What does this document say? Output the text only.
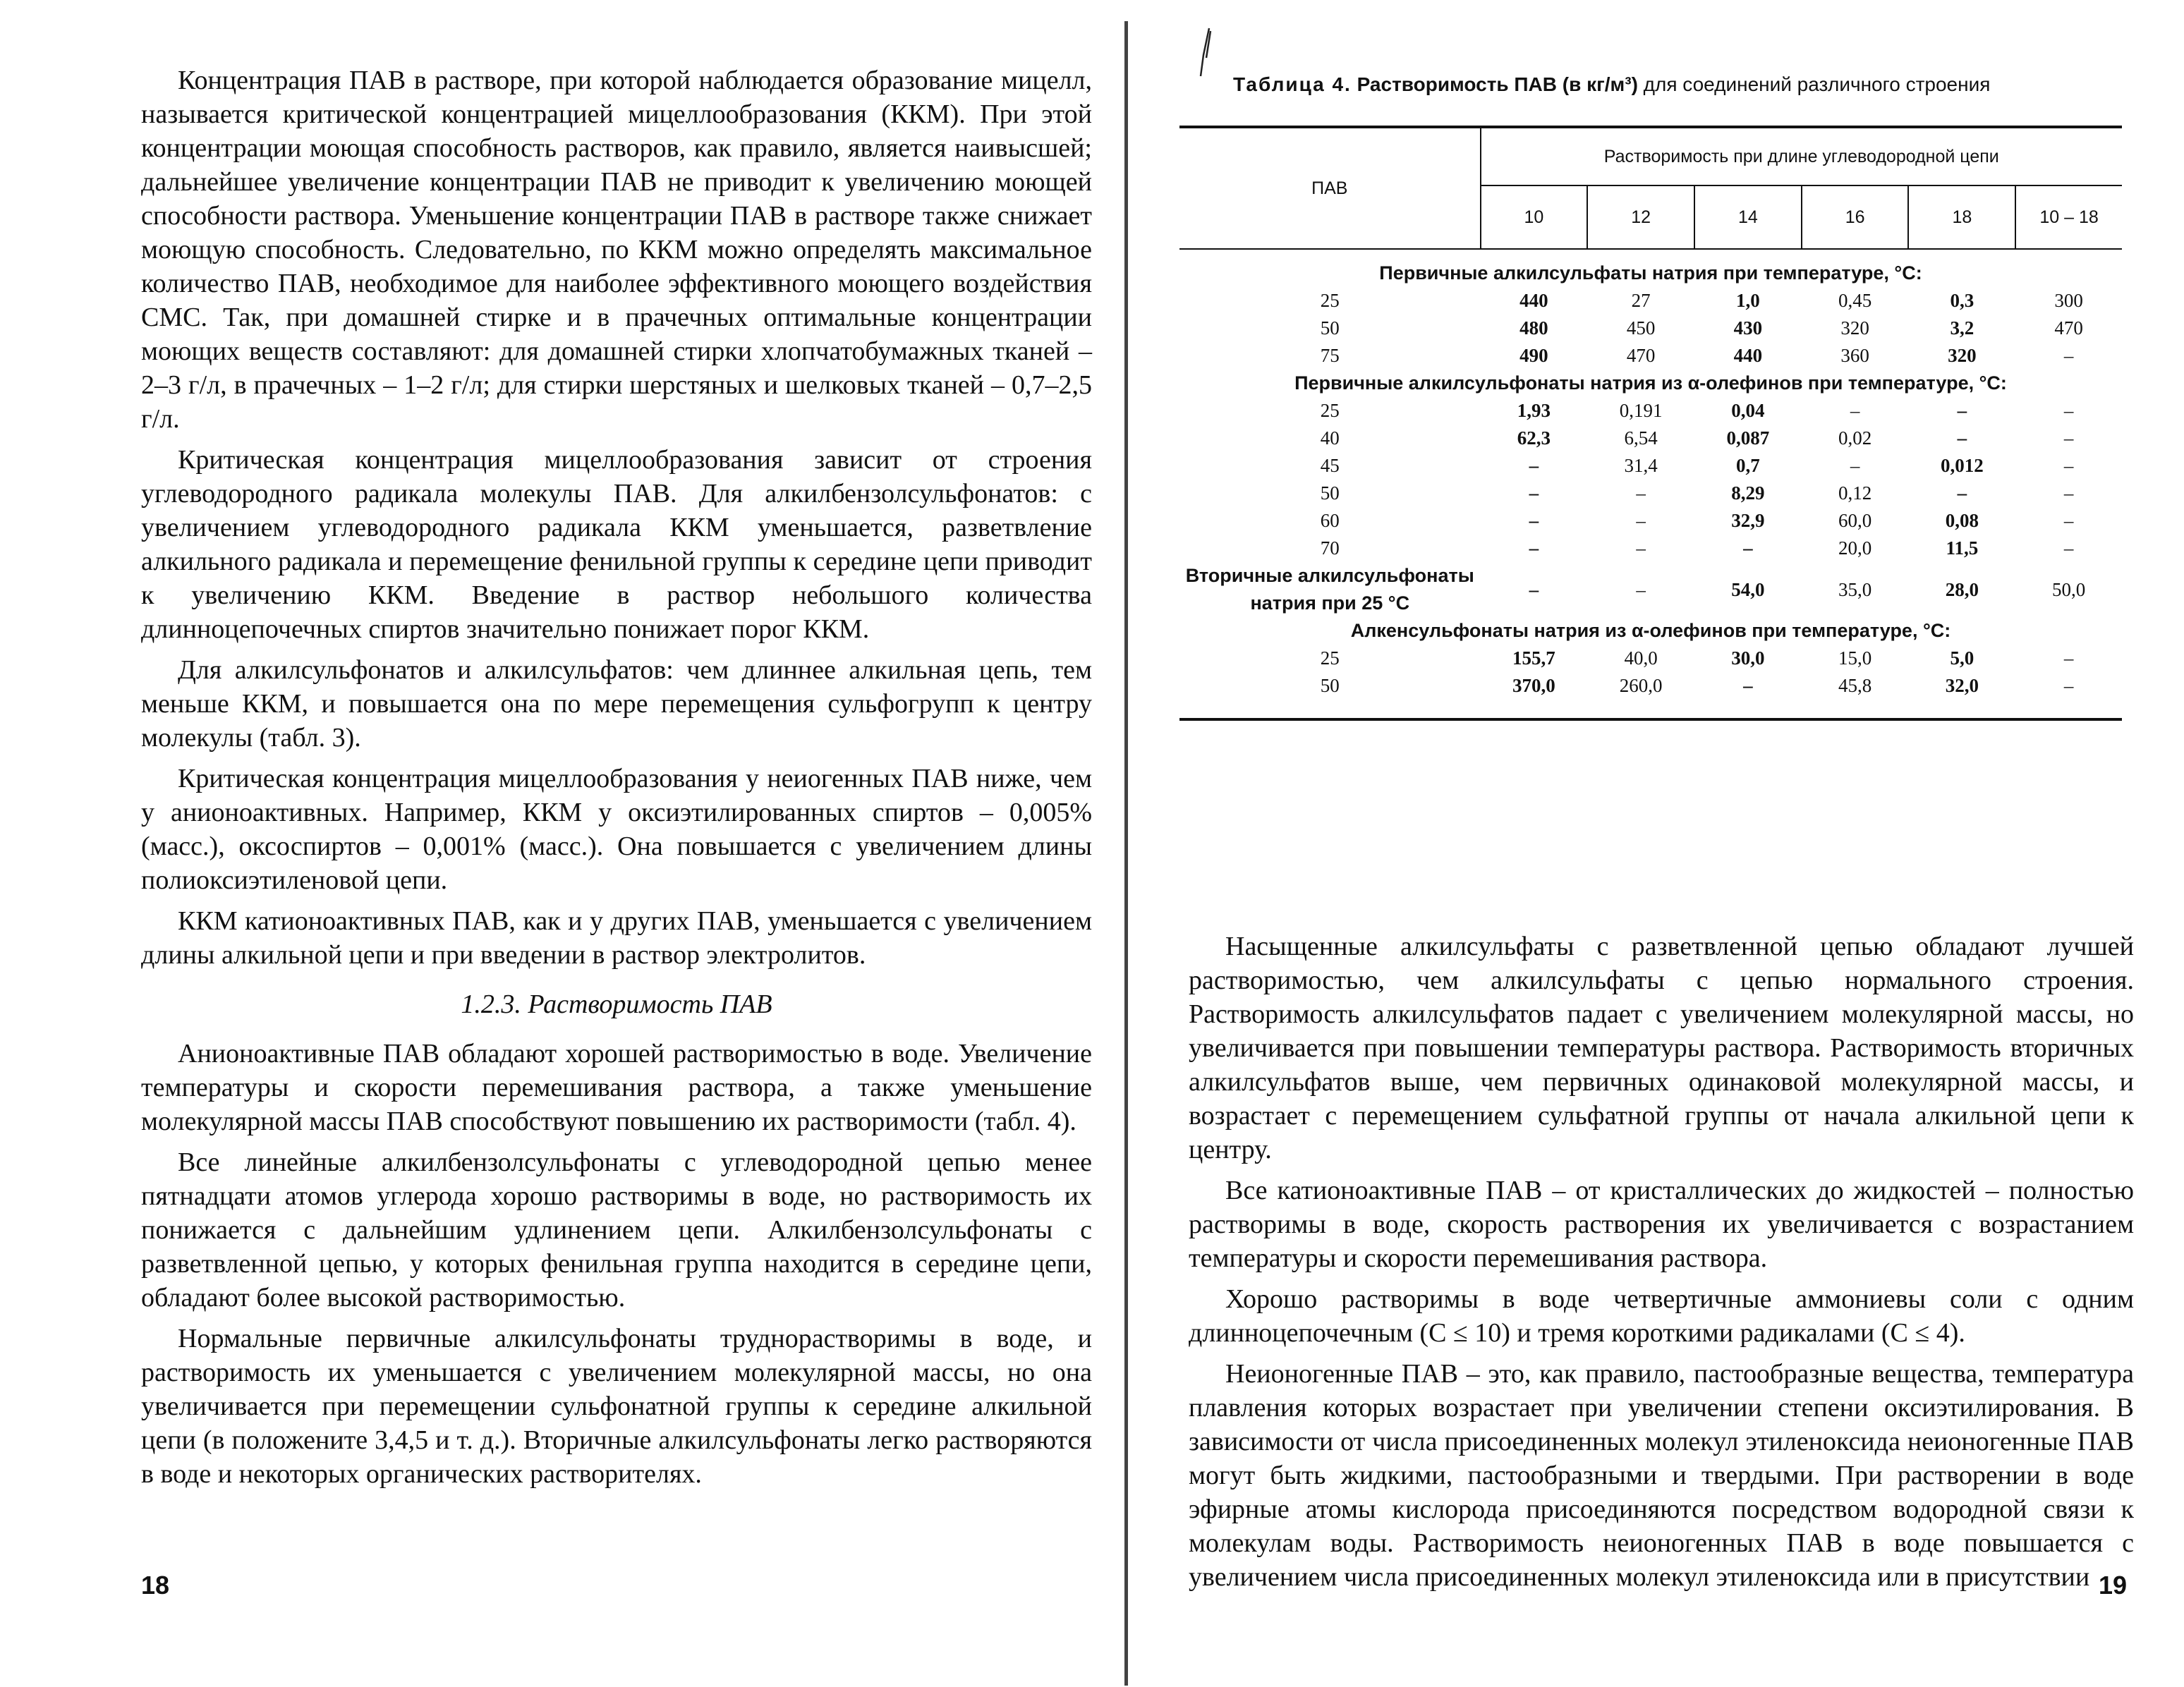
Концентрация ПАВ в растворе, при которой наблюдается образование мицелл, называется критической концентрацией мицеллообразования (ККМ). При этой концентрации моющая способность растворов, как правило, является наивысшей; дальнейшее увеличение концентрации ПАВ не приводит к увеличению моющей способности раствора. Уменьшение концентрации ПАВ в растворе также снижает моющую способность. Следовательно, по ККМ можно определять максимальное количество ПАВ, необходимое для наиболее эффективного моющего воздействия СМС. Так, при домашней стирке и в прачечных оптимальные концентрации моющих веществ составляют: для домашней стирки хлопчатобумажных тканей – 2–3 г/л, в прачечных – 1–2 г/л; для стирки шерстяных и шелковых тканей – 0,7–2,5 г/л.

Критическая концентрация мицеллообразования зависит от строения углеводородного радикала молекулы ПАВ. Для алкилбензолсульфонатов: с увеличением углеводородного радикала ККМ уменьшается, разветвление алкильного радикала и перемещение фенильной группы к середине цепи приводит к увеличению ККМ. Введение в раствор небольшого количества длинноцепочечных спиртов значительно понижает порог ККМ.

Для алкилсульфонатов и алкилсульфатов: чем длиннее алкильная цепь, тем меньше ККМ, и повышается она по мере перемещения сульфогрупп к центру молекулы (табл. 3).

Критическая концентрация мицеллообразования у неиогенных ПАВ ниже, чем у анионоактивных. Например, ККМ у оксиэтилированных спиртов – 0,005% (масс.), оксоспиртов – 0,001% (масс.). Она повышается с увеличением длины полиоксиэтиленовой цепи.

ККМ катионоактивных ПАВ, как и у других ПАВ, уменьшается с увеличением длины алкильной цепи и при введении в раствор электролитов.

1.2.3. Растворимость ПАВ

Анионоактивные ПАВ обладают хорошей растворимостью в воде. Увеличение температуры и скорости перемешивания раствора, а также уменьшение молекулярной массы ПАВ способствуют повышению их растворимости (табл. 4).

Все линейные алкилбензолсульфонаты с углеводородной цепью менее пятнадцати атомов углерода хорошо растворимы в воде, но растворимость их понижается с дальнейшим удлинением цепи. Алкилбензолсульфонаты с разветвленной цепью, у которых фенильная группа находится в середине цепи, обладают более высокой растворимостью.

Нормальные первичные алкилсульфонаты труднорастворимы в воде, и растворимость их уменьшается с увеличением молекулярной массы, но она увеличивается при перемещении сульфонатной группы к середине алкильной цепи (в положените 3,4,5 и т. д.). Вторичные алкилсульфонаты легко растворяются в воде и некоторых органических растворителях.

18
Таблица 4. Растворимость ПАВ (в кг/м³) для соединений различного строения
ПАВ	Растворимость при длине углеводородной цепи					
	10	12	14	16	18	10 – 18

Первичные алкилсульфаты натрия при температуре, °С:						
25	440	27	1,0	0,45	0,3	300
50	480	450	430	320	3,2	470
75	490	470	440	360	320	–
Первичные алкилсульфонаты натрия из α-олефинов при температуре, °С:						
25	1,93	0,191	0,04	–	–	–
40	62,3	6,54	0,087	0,02	–	–
45	–	31,4	0,7	–	0,012	–
50	–	–	8,29	0,12	–	–
60	–	–	32,9	60,0	0,08	–
70	–	–	–	20,0	11,5	–
Вторичные алкилсульфонаты натрия при 25 °С	–	–	54,0	35,0	28,0	50,0
Алкенсульфонаты натрия из α-олефинов при температуре, °С:						
25	155,7	40,0	30,0	15,0	5,0	–
50	370,0	260,0	–	45,8	32,0	–

Насыщенные алкилсульфаты с разветвленной цепью обладают лучшей растворимостью, чем алкилсульфаты с цепью нормального строения. Растворимость алкилсульфатов падает с увеличением молекулярной массы, но увеличивается при повышении температуры раствора. Растворимость вторичных алкилсульфатов выше, чем первичных одинаковой молекулярной массы, и возрастает с перемещением сульфатной группы от начала алкильной цепи к центру.

Все катионоактивные ПАВ – от кристаллических до жидкостей – полностью растворимы в воде, скорость растворения их увеличивается с возрастанием температуры и скорости перемешивания раствора.

Хорошо растворимы в воде четвертичные аммониевы соли с одним длинноцепочечным (С ≤ 10) и тремя короткими радикалами (С ≤ 4).

Неионогенные ПАВ – это, как правило, пастообразные вещества, температура плавления которых возрастает при увеличении степени оксиэтилирования. В зависимости от числа присоединенных молекул этиленоксида неионогенные ПАВ могут быть жидкими, пастообразными и твердыми. При растворении в воде эфирные атомы кислорода присоединяются посредством водородной связи к молекулам воды. Растворимость неионогенных ПАВ в воде повышается с увеличением числа присоединенных молекул этиленоксида или в присутствии 19
